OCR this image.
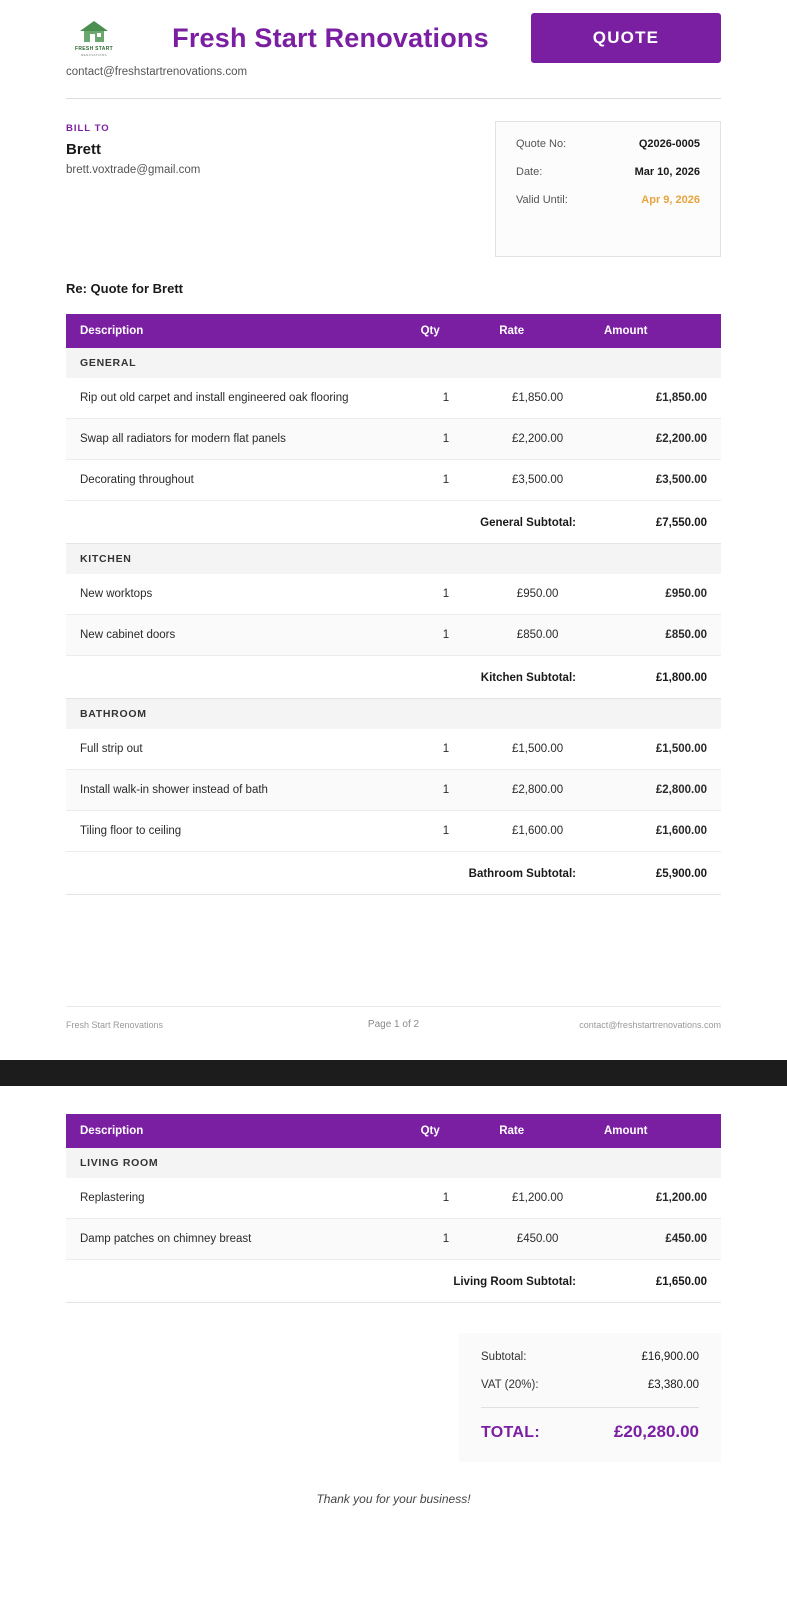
FRESH START
RENOVATIONS
Fresh Start Renovations	QUOTE
contact@freshstartrenovations.com
BILL TO
Brett
brett.voxtrade@gmail.com
Quote No:	Q2026-0005
Date:	Mar 10, 2026
Valid Until:	Apr 9, 2026
Re: Quote for Brett
Description	Qty	Rate	Amount
GENERAL			
Rip out old carpet and install engineered oak flooring	1	£1,850.00	£1,850.00
Swap all radiators for modern flat panels	1	£2,200.00	£2,200.00
Decorating throughout	1	£3,500.00	£3,500.00
General Subtotal:			£7,550.00
KITCHEN			
New worktops	1	£950.00	£950.00
New cabinet doors	1	£850.00	£850.00
Kitchen Subtotal:			£1,800.00
BATHROOM			
Full strip out	1	£1,500.00	£1,500.00
Install walk-in shower instead of bath	1	£2,800.00	£2,800.00
Tiling floor to ceiling	1	£1,600.00	£1,600.00
Bathroom Subtotal:			£5,900.00
Fresh Start Renovations	Page 1 of 2	contact@freshstartrenovations.com
Description	Qty	Rate	Amount
LIVING ROOM			
Replastering	1	£1,200.00	£1,200.00
Damp patches on chimney breast	1	£450.00	£450.00
Living Room Subtotal:			£1,650.00
Subtotal:	£16,900.00
VAT (20%):	£3,380.00
TOTAL:	£20,280.00
Thank you for your business!
